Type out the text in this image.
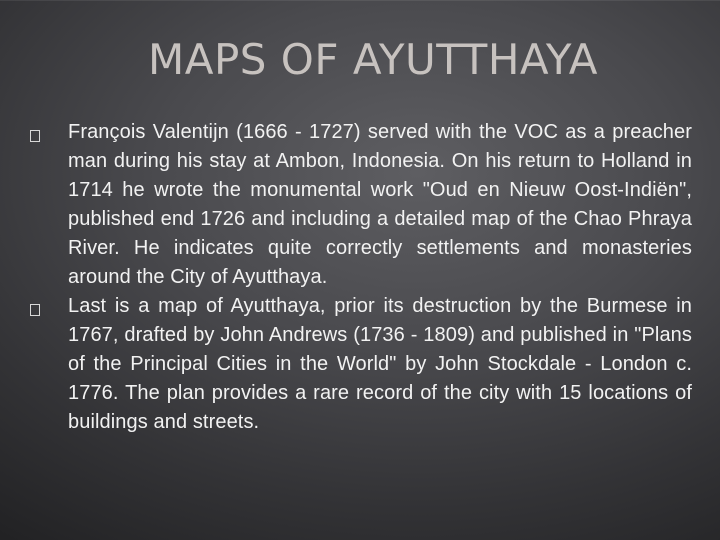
MAPS OF AYUTTHAYA
François Valentijn (1666 - 1727) served with the VOC as a preacher man during his stay at Ambon, Indonesia. On his return to Holland in 1714 he wrote the monumental work "Oud en Nieuw Oost-Indiën", published end 1726 and including a detailed map of the Chao Phraya River. He indicates quite correctly settlements and monasteries around the City of Ayutthaya.
Last is a map of Ayutthaya, prior its destruction by the Burmese in 1767, drafted by John Andrews (1736 - 1809) and published in "Plans of the Principal Cities in the World" by John Stockdale - London c. 1776. The plan provides a rare record of the city with 15 locations of buildings and streets.
